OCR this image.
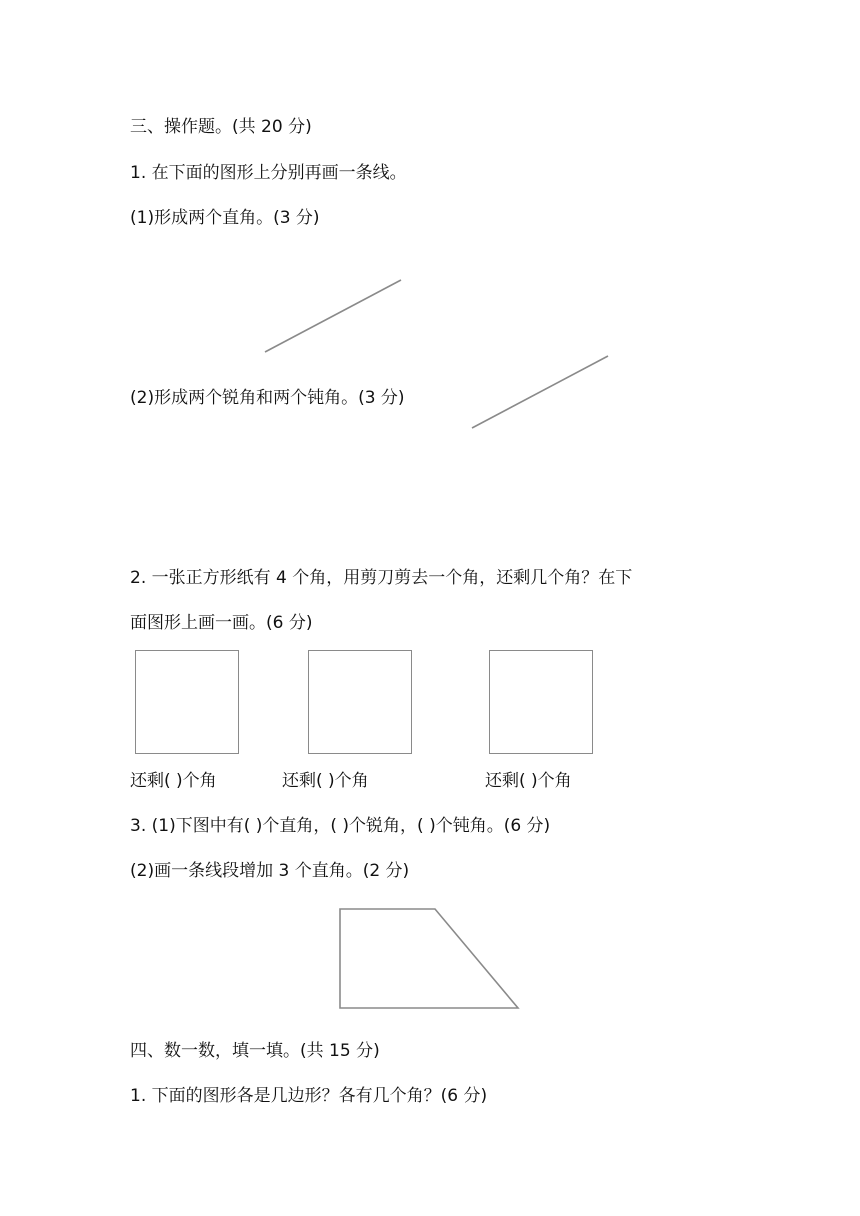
三、操作题。(共 20 分)
1. 在下面的图形上分别再画一条线。
(1)形成两个直角。(3 分)
(2)形成两个锐角和两个钝角。(3 分)
2. 一张正方形纸有 4 个角，用剪刀剪去一个角，还剩几个角？在下
面图形上画一画。(6 分)
还剩( )个角	还剩( )个角	还剩( )个角
3. (1)下图中有( )个直角，( )个锐角，( )个钝角。(6 分)
(2)画一条线段增加 3 个直角。(2 分)
四、数一数，填一填。(共 15 分)
1. 下面的图形各是几边形？各有几个角？(6 分)
